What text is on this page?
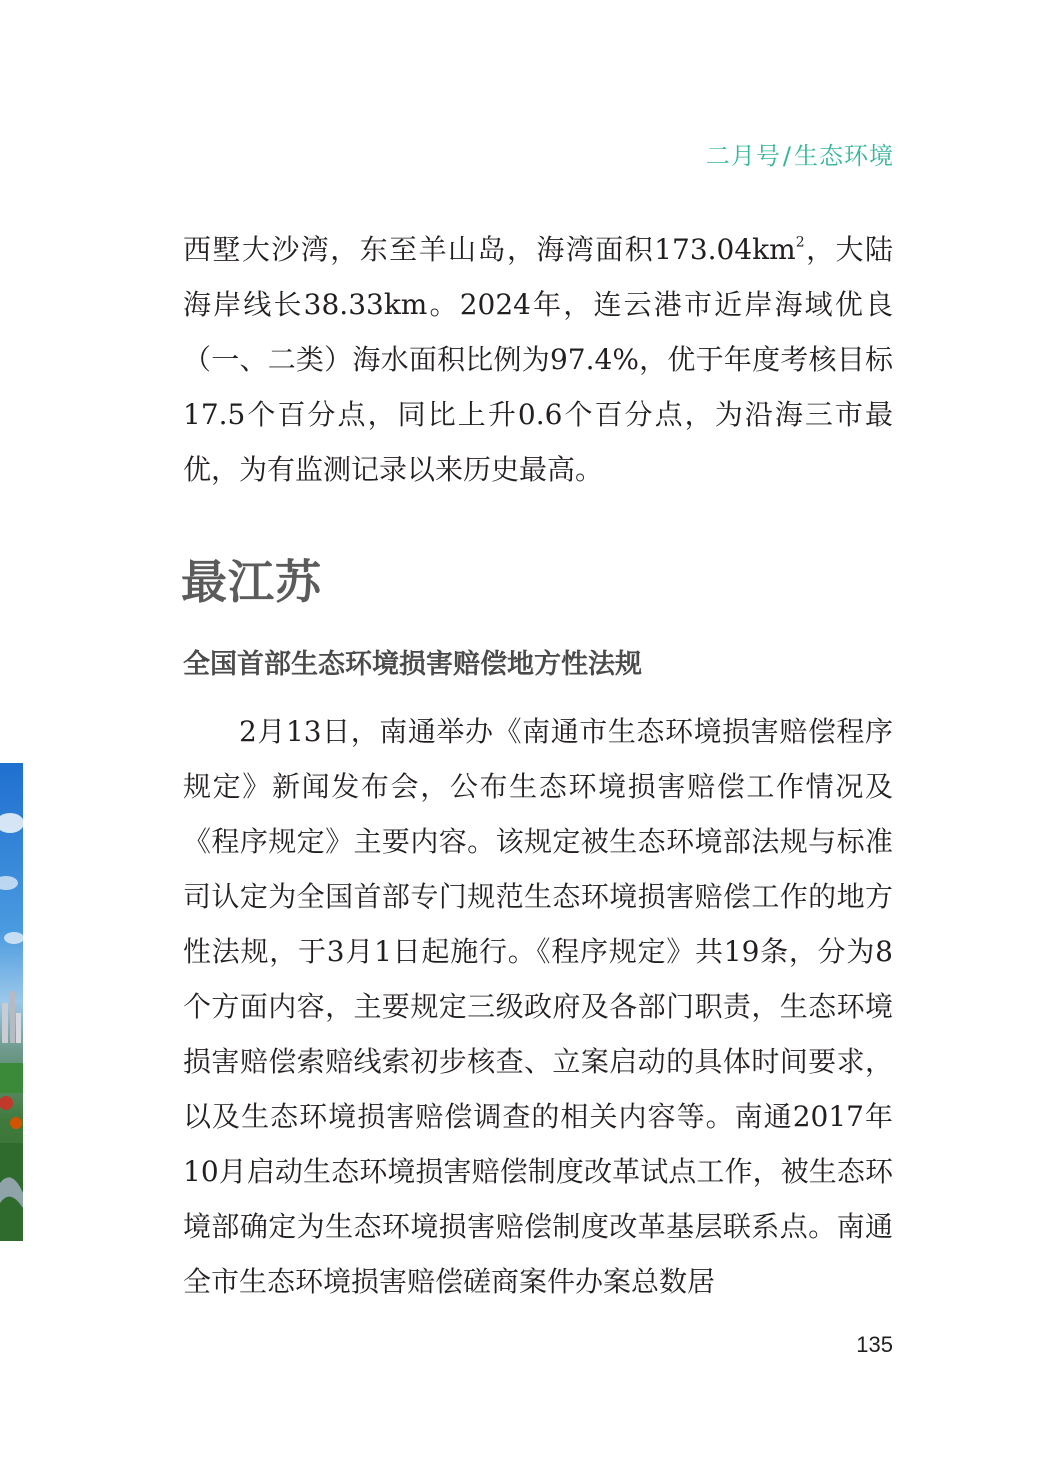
二月号/生态环境

西墅大沙湾，东至羊山岛，海湾面积$173.04km^2$，大陆海岸线长38.33km。2024年，连云港市近岸海域优良（一、二类）海水面积比例为97.4%，优于年度考核目标17.5个百分点，同比上升0.6个百分点，为沿海三市最优，为有监测记录以来历史最高。

最江苏
全国首部生态环境损害赔偿地方性法规

2月13日，南通举办《南通市生态环境损害赔偿程序规定》新闻发布会，公布生态环境损害赔偿工作情况及《程序规定》主要内容。该规定被生态环境部法规与标准司认定为全国首部专门规范生态环境损害赔偿工作的地方性法规，于3月1日起施行。《程序规定》共19条，分为8个方面内容，主要规定三级政府及各部门职责，生态环境损害赔偿索赔线索初步核查、立案启动的具体时间要求，以及生态环境损害赔偿调查的相关内容等。南通2017年10月启动生态环境损害赔偿制度改革试点工作，被生态环境部确定为生态环境损害赔偿制度改革基层联系点。南通全市生态环境损害赔偿磋商案件办案总数居

135
